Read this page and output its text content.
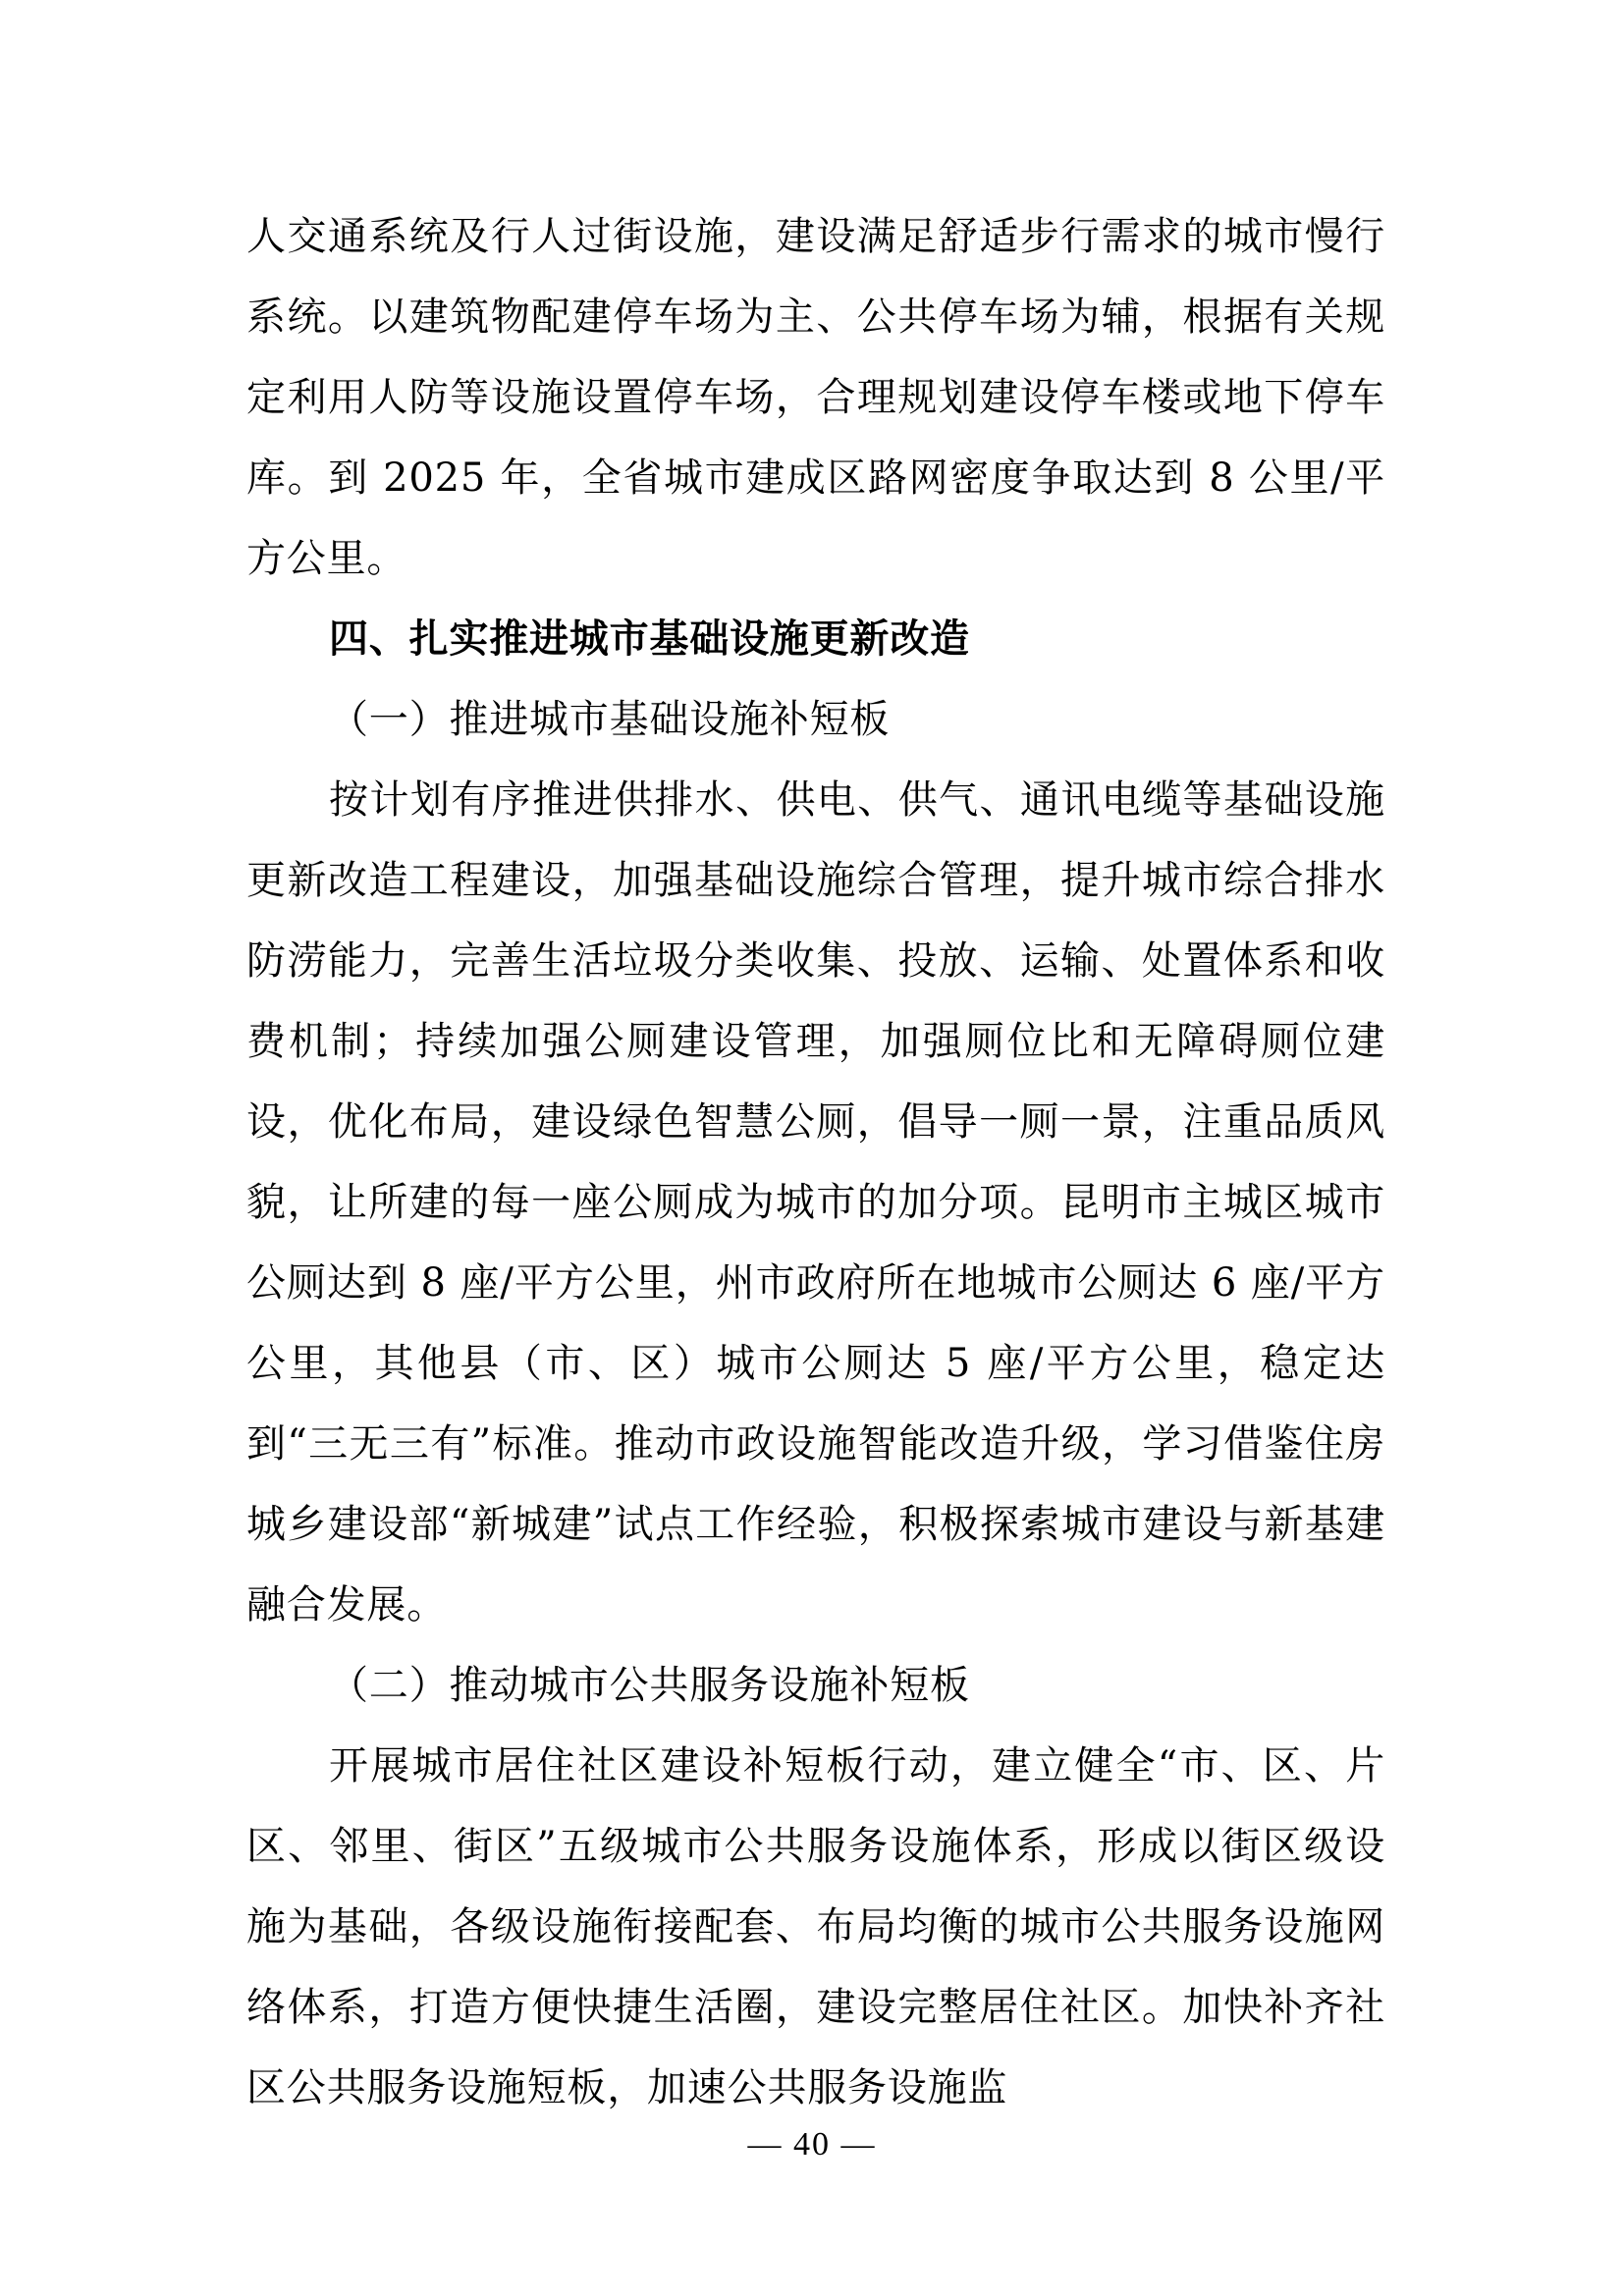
人交通系统及行人过街设施，建设满足舒适步行需求的城市慢行系统。以建筑物配建停车场为主、公共停车场为辅，根据有关规定利用人防等设施设置停车场，合理规划建设停车楼或地下停车库。到 2025 年，全省城市建成区路网密度争取达到 8 公里/平方公里。

四、扎实推进城市基础设施更新改造

（一）推进城市基础设施补短板

按计划有序推进供排水、供电、供气、通讯电缆等基础设施更新改造工程建设，加强基础设施综合管理，提升城市综合排水防涝能力，完善生活垃圾分类收集、投放、运输、处置体系和收费机制；持续加强公厕建设管理，加强厕位比和无障碍厕位建设，优化布局，建设绿色智慧公厕，倡导一厕一景，注重品质风貌，让所建的每一座公厕成为城市的加分项。昆明市主城区城市公厕达到 8 座/平方公里，州市政府所在地城市公厕达 6 座/平方公里，其他县（市、区）城市公厕达 5 座/平方公里，稳定达到“三无三有”标准。推动市政设施智能改造升级，学习借鉴住房城乡建设部“新城建”试点工作经验，积极探索城市建设与新基建融合发展。

（二）推动城市公共服务设施补短板

开展城市居住社区建设补短板行动，建立健全“市、区、片区、邻里、街区”五级城市公共服务设施体系，形成以街区级设施为基础，各级设施衔接配套、布局均衡的城市公共服务设施网络体系，打造方便快捷生活圈，建设完整居住社区。加快补齐社区公共服务设施短板，加速公共服务设施监

— 40 —
